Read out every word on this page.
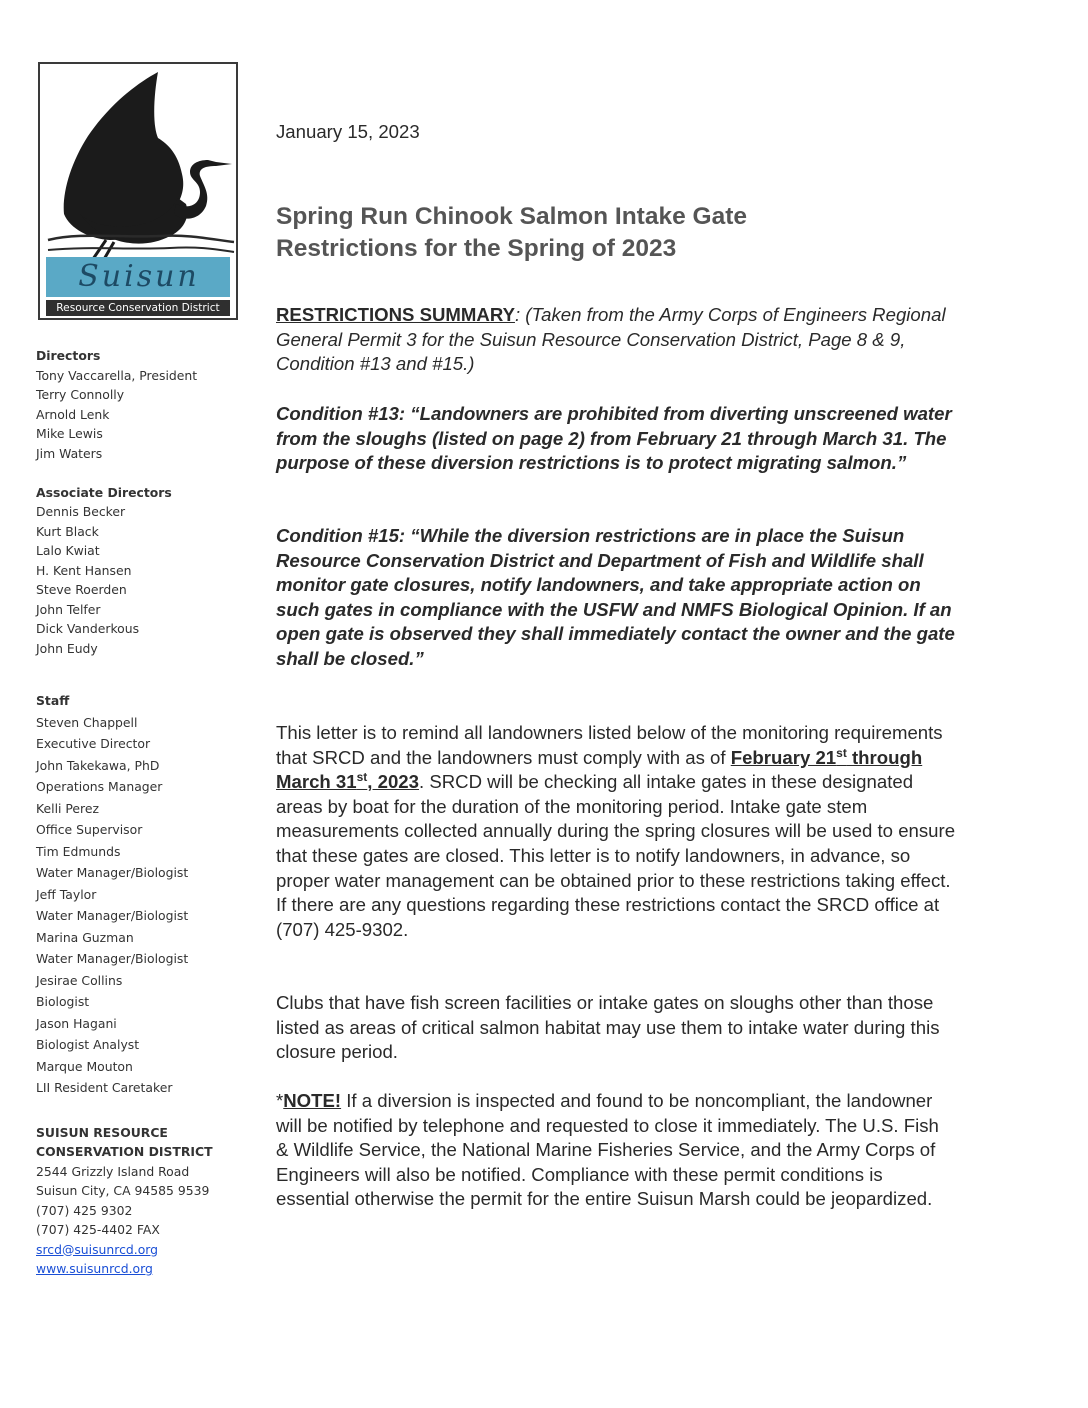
Suisun
Resource Conservation District
Directors
Tony Vaccarella, President
Terry Connolly
Arnold Lenk
Mike Lewis
Jim Waters
Associate Directors
Dennis Becker
Kurt Black
Lalo Kwiat
H. Kent Hansen
Steve Roerden
John Telfer
Dick Vanderkous
John Eudy
Staff
Steven Chappell
Executive Director
John Takekawa, PhD
Operations Manager
Kelli Perez
Office Supervisor
Tim Edmunds
Water Manager/Biologist
Jeff Taylor
Water Manager/Biologist
Marina Guzman
Water Manager/Biologist
Jesirae Collins
Biologist
Jason Hagani
Biologist Analyst
Marque Mouton
LII Resident Caretaker
SUISUN RESOURCE
CONSERVATION DISTRICT
2544 Grizzly Island Road
Suisun City, CA 94585 9539
(707) 425 9302
(707) 425-4402 FAX
srcd@suisunrcd.org
www.suisunrcd.org
January 15, 2023
Spring Run Chinook Salmon Intake Gate
Restrictions for the Spring of 2023
RESTRICTIONS SUMMARY: (Taken from the Army Corps of Engineers Regional General Permit 3 for the Suisun Resource Conservation District, Page 8 & 9, Condition #13 and #15.)
Condition #13: “Landowners are prohibited from diverting unscreened water from the sloughs (listed on page 2) from February 21 through March 31. The purpose of these diversion restrictions is to protect migrating salmon.”
Condition #15: “While the diversion restrictions are in place the Suisun Resource Conservation District and Department of Fish and Wildlife shall monitor gate closures, notify landowners, and take appropriate action on such gates in compliance with the USFW and NMFS Biological Opinion. If an open gate is observed they shall immediately contact the owner and the gate shall be closed.”
This letter is to remind all landowners listed below of the monitoring requirements that SRCD and the landowners must comply with as of February 21st through March 31st, 2023. SRCD will be checking all intake gates in these designated areas by boat for the duration of the monitoring period. Intake gate stem measurements collected annually during the spring closures will be used to ensure that these gates are closed. This letter is to notify landowners, in advance, so proper water management can be obtained prior to these restrictions taking effect. If there are any questions regarding these restrictions contact the SRCD office at (707) 425-9302.
Clubs that have fish screen facilities or intake gates on sloughs other than those listed as areas of critical salmon habitat may use them to intake water during this closure period.
*NOTE! If a diversion is inspected and found to be noncompliant, the landowner will be notified by telephone and requested to close it immediately. The U.S. Fish & Wildlife Service, the National Marine Fisheries Service, and the Army Corps of Engineers will also be notified. Compliance with these permit conditions is essential otherwise the permit for the entire Suisun Marsh could be jeopardized.
